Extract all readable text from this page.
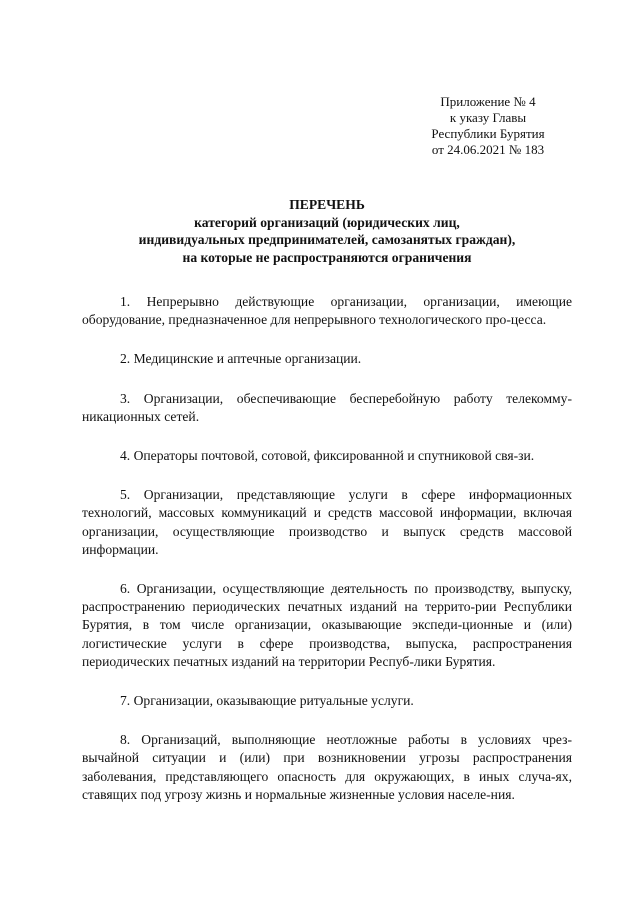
Приложение № 4
к указу Главы
Республики Бурятия
от 24.06.2021 № 183
ПЕРЕЧЕНЬ
категорий организаций (юридических лиц,
индивидуальных предпринимателей, самозанятых граждан),
на которые не распространяются ограничения

1. Непрерывно действующие организации, организации, имеющие оборудование, предназначенное для непрерывного технологического про-цесса.

2. Медицинские и аптечные организации.

3. Организации, обеспечивающие бесперебойную работу телекомму-никационных сетей.

4. Операторы почтовой, сотовой, фиксированной и спутниковой свя-зи.

5. Организации, представляющие услуги в сфере информационных технологий, массовых коммуникаций и средств массовой информации, включая организации, осуществляющие производство и выпуск средств массовой информации.

6. Организации, осуществляющие деятельность по производству, выпуску, распространению периодических печатных изданий на террито-рии Республики Бурятия, в том числе организации, оказывающие экспеди-ционные и (или) логистические услуги в сфере производства, выпуска, распространения периодических печатных изданий на территории Респуб-лики Бурятия.

7. Организации, оказывающие ритуальные услуги.

8. Организаций, выполняющие неотложные работы в условиях чрез-вычайной ситуации и (или) при возникновении угрозы распространения заболевания, представляющего опасность для окружающих, в иных случа-ях, ставящих под угрозу жизнь и нормальные жизненные условия населе-ния.
